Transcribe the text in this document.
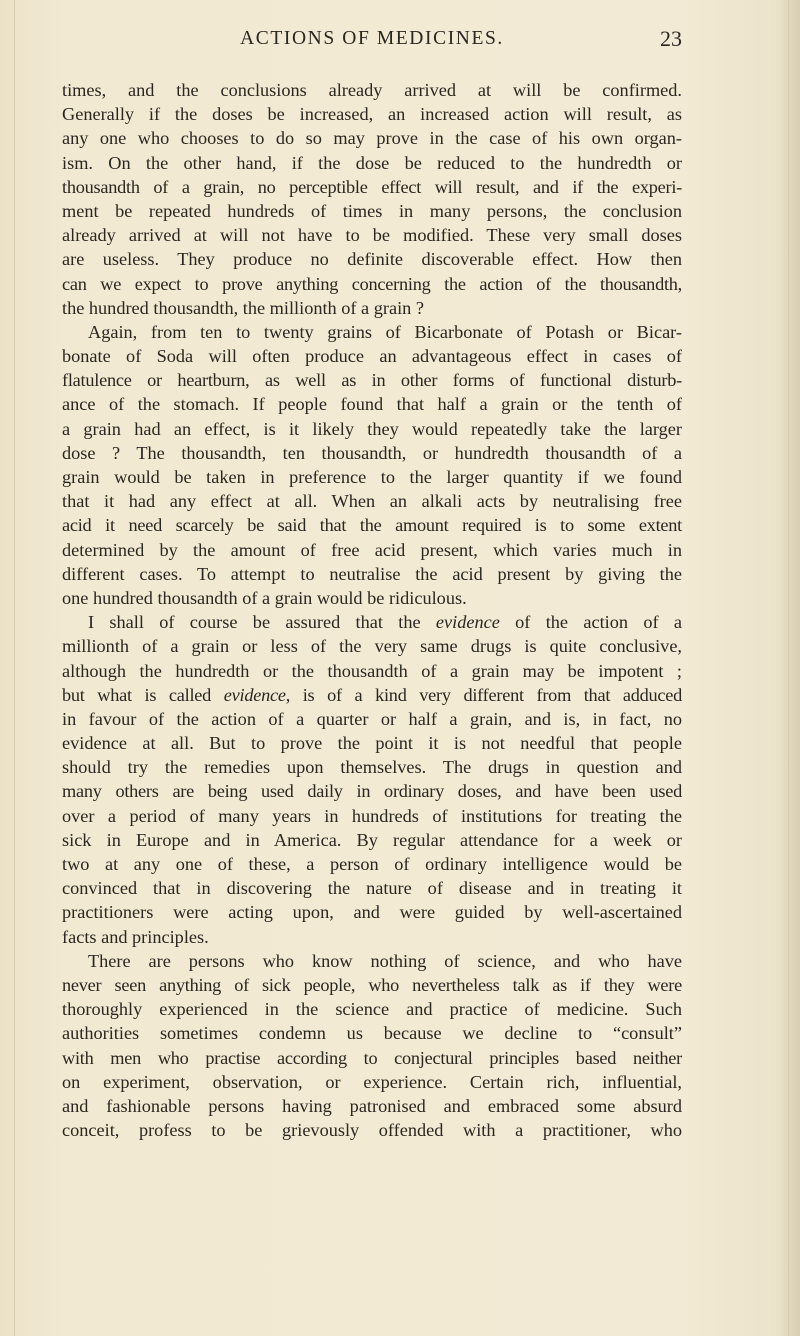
ACTIONS OF MEDICINES.	23
times, and the conclusions already arrived at will be confirmed.
Generally if the doses be increased, an increased action will result, as
any one who chooses to do so may prove in the case of his own organ-
ism. On the other hand, if the dose be reduced to the hundredth or
thousandth of a grain, no perceptible effect will result, and if the experi-
ment be repeated hundreds of times in many persons, the conclusion
already arrived at will not have to be modified. These very small doses
are useless. They produce no definite discoverable effect. How then
can we expect to prove anything concerning the action of the thousandth,
the hundred thousandth, the millionth of a grain ?
Again, from ten to twenty grains of Bicarbonate of Potash or Bicar-
bonate of Soda will often produce an advantageous effect in cases of
flatulence or heartburn, as well as in other forms of functional disturb-
ance of the stomach. If people found that half a grain or the tenth of
a grain had an effect, is it likely they would repeatedly take the larger
dose ? The thousandth, ten thousandth, or hundredth thousandth of a
grain would be taken in preference to the larger quantity if we found
that it had any effect at all. When an alkali acts by neutralising free
acid it need scarcely be said that the amount required is to some extent
determined by the amount of free acid present, which varies much in
different cases. To attempt to neutralise the acid present by giving the
one hundred thousandth of a grain would be ridiculous.
I shall of course be assured that the evidence of the action of a
millionth of a grain or less of the very same drugs is quite conclusive,
although the hundredth or the thousandth of a grain may be impotent ;
but what is called evidence, is of a kind very different from that adduced
in favour of the action of a quarter or half a grain, and is, in fact, no
evidence at all. But to prove the point it is not needful that people
should try the remedies upon themselves. The drugs in question and
many others are being used daily in ordinary doses, and have been used
over a period of many years in hundreds of institutions for treating the
sick in Europe and in America. By regular attendance for a week or
two at any one of these, a person of ordinary intelligence would be
convinced that in discovering the nature of disease and in treating it
practitioners were acting upon, and were guided by well-ascertained
facts and principles.
There are persons who know nothing of science, and who have
never seen anything of sick people, who nevertheless talk as if they were
thoroughly experienced in the science and practice of medicine. Such
authorities sometimes condemn us because we decline to “consult”
with men who practise according to conjectural principles based neither
on experiment, observation, or experience. Certain rich, influential,
and fashionable persons having patronised and embraced some absurd
conceit, profess to be grievously offended with a practitioner, who
